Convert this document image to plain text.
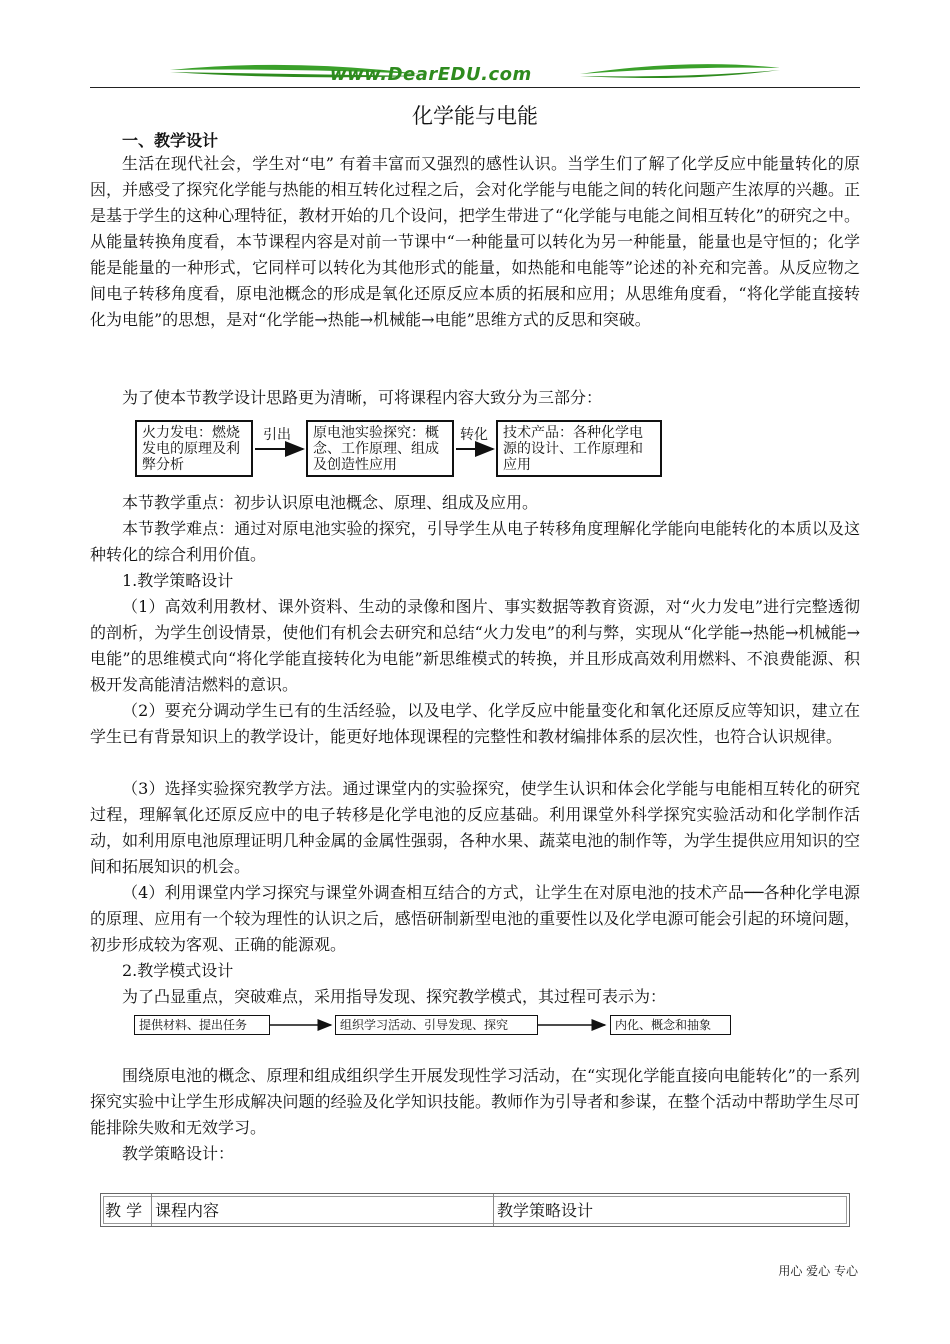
www.DearEDU.com
化学能与电能
一、教学设计
生活在现代社会，学生对“电” 有着丰富而又强烈的感性认识。当学生们了解了化学反应中能量转化的原因，并感受了探究化学能与热能的相互转化过程之后，会对化学能与电能之间的转化问题产生浓厚的兴趣。正是基于学生的这种心理特征，教材开始的几个设问，把学生带进了“化学能与电能之间相互转化”的研究之中。从能量转换角度看，本节课程内容是对前一节课中“一种能量可以转化为另一种能量，能量也是守恒的；化学能是能量的一种形式，它同样可以转化为其他形式的能量，如热能和电能等”论述的补充和完善。从反应物之间电子转移角度看，原电池概念的形成是氧化还原反应本质的拓展和应用；从思维角度看，“将化学能直接转化为电能”的思想，是对“化学能→热能→机械能→电能”思维方式的反思和突破。
为了使本节教学设计思路更为清晰，可将课程内容大致分为三部分：
火力发电：燃烧发电的原理及利弊分析
引出	原电池实验探究：概念、工作原理、组成及创造性应用
转化	技术产品：各种化学电源的设计、工作原理和应用
本节教学重点：初步认识原电池概念、原理、组成及应用。
本节教学难点：通过对原电池实验的探究，引导学生从电子转移角度理解化学能向电能转化的本质以及这种转化的综合利用价值。
1.教学策略设计
（1）高效利用教材、课外资料、生动的录像和图片、事实数据等教育资源，对“火力发电”进行完整透彻的剖析，为学生创设情景，使他们有机会去研究和总结“火力发电”的利与弊，实现从“化学能→热能→机械能→电能”的思维模式向“将化学能直接转化为电能”新思维模式的转换，并且形成高效利用燃料、不浪费能源、积极开发高能清洁燃料的意识。
（2）要充分调动学生已有的生活经验，以及电学、化学反应中能量变化和氧化还原反应等知识，建立在学生已有背景知识上的教学设计，能更好地体现课程的完整性和教材编排体系的层次性，也符合认识规律。
（3）选择实验探究教学方法。通过课堂内的实验探究，使学生认识和体会化学能与电能相互转化的研究过程，理解氧化还原反应中的电子转移是化学电池的反应基础。利用课堂外科学探究实验活动和化学制作活动，如利用原电池原理证明几种金属的金属性强弱，各种水果、蔬菜电池的制作等，为学生提供应用知识的空间和拓展知识的机会。
（4）利用课堂内学习探究与课堂外调查相互结合的方式，让学生在对原电池的技术产品──各种化学电源的原理、应用有一个较为理性的认识之后，感悟研制新型电池的重要性以及化学电源可能会引起的环境问题，初步形成较为客观、正确的能源观。
2.教学模式设计
为了凸显重点，突破难点，采用指导发现、探究教学模式，其过程可表示为：
提供材料、提出任务	组织学习活动、引导发现、探究	内化、概念和抽象
围绕原电池的概念、原理和组成组织学生开展发现性学习活动，在“实现化学能直接向电能转化”的一系列探究实验中让学生形成解决问题的经验及化学知识技能。教师作为引导者和参谋，在整个活动中帮助学生尽可能排除失败和无效学习。
教学策略设计：
教 学 课程内容	教学策略设计
用心 爱心 专心
